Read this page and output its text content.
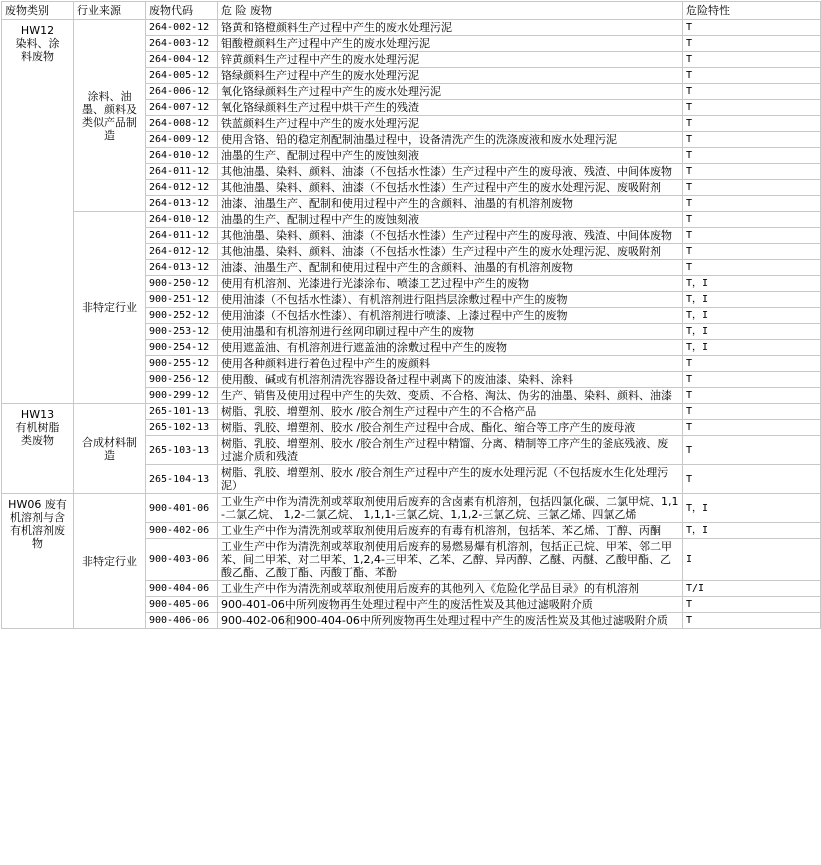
废物类别	行业来源	废物代码	危 险 废物	危险特性

HW12
染料、涂
料废物	涂料、油墨、颜料及类似产品制造	264-002-12	铬黄和铬橙颜料生产过程中产生的废水处理污泥	T
		264-003-12	钼酸橙颜料生产过程中产生的废水处理污泥	T
		264-004-12	锌黄颜料生产过程中产生的废水处理污泥	T
		264-005-12	铬绿颜料生产过程中产生的废水处理污泥	T
		264-006-12	氧化铬绿颜料生产过程中产生的废水处理污泥	T
		264-007-12	氧化铬绿颜料生产过程中烘干产生的残渣	T
		264-008-12	铁蓝颜料生产过程中产生的废水处理污泥	T
		264-009-12	使用含铬、铅的稳定剂配制油墨过程中，设备清洗产生的洗涤废液和废水处理污泥	T
		264-010-12	油墨的生产、配制过程中产生的废蚀刻液	T
		264-011-12	其他油墨、染料、颜料、油漆（不包括水性漆）生产过程中产生的废母液、残渣、中间体废物	T
		264-012-12	其他油墨、染料、颜料、油漆（不包括水性漆）生产过程中产生的废水处理污泥、废吸附剂	T
		264-013-12	油漆、油墨生产、配制和使用过程中产生的含颜料、油墨的有机溶剂废物	T
	非特定行业	264-010-12	油墨的生产、配制过程中产生的废蚀刻液	T
		264-011-12	其他油墨、染料、颜料、油漆（不包括水性漆）生产过程中产生的废母液、残渣、中间体废物	T
		264-012-12	其他油墨、染料、颜料、油漆（不包括水性漆）生产过程中产生的废水处理污泥、废吸附剂	T
		264-013-12	油漆、油墨生产、配制和使用过程中产生的含颜料、油墨的有机溶剂废物	T
		900-250-12	使用有机溶剂、光漆进行光漆涂布、喷漆工艺过程中产生的废物	T，I
		900-251-12	使用油漆（不包括水性漆）、有机溶剂进行阻挡层涂敷过程中产生的废物	T，I
		900-252-12	使用油漆（不包括水性漆）、有机溶剂进行喷漆、上漆过程中产生的废物	T，I
		900-253-12	使用油墨和有机溶剂进行丝网印刷过程中产生的废物	T，I
		900-254-12	使用遮盖油、有机溶剂进行遮盖油的涂敷过程中产生的废物	T，I
		900-255-12	使用各种颜料进行着色过程中产生的废颜料	T
		900-256-12	使用酸、碱或有机溶剂清洗容器设备过程中剥离下的废油漆、染料、涂料	T
		900-299-12	生产、销售及使用过程中产生的失效、变质、不合格、淘汰、伪劣的油墨、染料、颜料、油漆	T

HW13
有机树脂
类废物	合成材料制造	265-101-13	树脂、乳胶、增塑剂、胶水 /胶合剂生产过程中产生的不合格产品	T
		265-102-13	树脂、乳胶、增塑剂、胶水 /胶合剂生产过程中合成、酯化、缩合等工序产生的废母液	T
		265-103-13	树脂、乳胶、增塑剂、胶水 /胶合剂生产过程中精馏、分离、精制等工序产生的釜底残液、废过滤介质和残渣	T
		265-104-13	树脂、乳胶、增塑剂、胶水 /胶合剂生产过程中产生的废水处理污泥（不包括废水生化处理污泥）	T

HW06 废有机溶剂与含有机溶剂废物	非特定行业	900-401-06	工业生产中作为清洗剂或萃取剂使用后废弃的含卤素有机溶剂，包括四氯化碳、二氯甲烷、1,1-二氯乙烷、 1,2-二氯乙烷、 1,1,1-三氯乙烷、1,1,2-三氯乙烷、三氯乙烯、四氯乙烯	T，I
		900-402-06	工业生产中作为清洗剂或萃取剂使用后废弃的有毒有机溶剂，包括苯、苯乙烯、丁醇、丙酮	T，I
		900-403-06	工业生产中作为清洗剂或萃取剂使用后废弃的易燃易爆有机溶剂，包括正己烷、甲苯、邻二甲苯、间二甲苯、对二甲苯、1,2,4-三甲苯、乙苯、乙醇、异丙醇、乙醚、丙醚、乙酸甲酯、乙酸乙酯、乙酸丁酯、丙酸丁酯、苯酚	I
		900-404-06	工业生产中作为清洗剂或萃取剂使用后废弃的其他列入《危险化学品目录》的有机溶剂	T/I
		900-405-06	900-401-06中所列废物再生处理过程中产生的废活性炭及其他过滤吸附介质	T
		900-406-06	900-402-06和900-404-06中所列废物再生处理过程中产生的废活性炭及其他过滤吸附介质	T
